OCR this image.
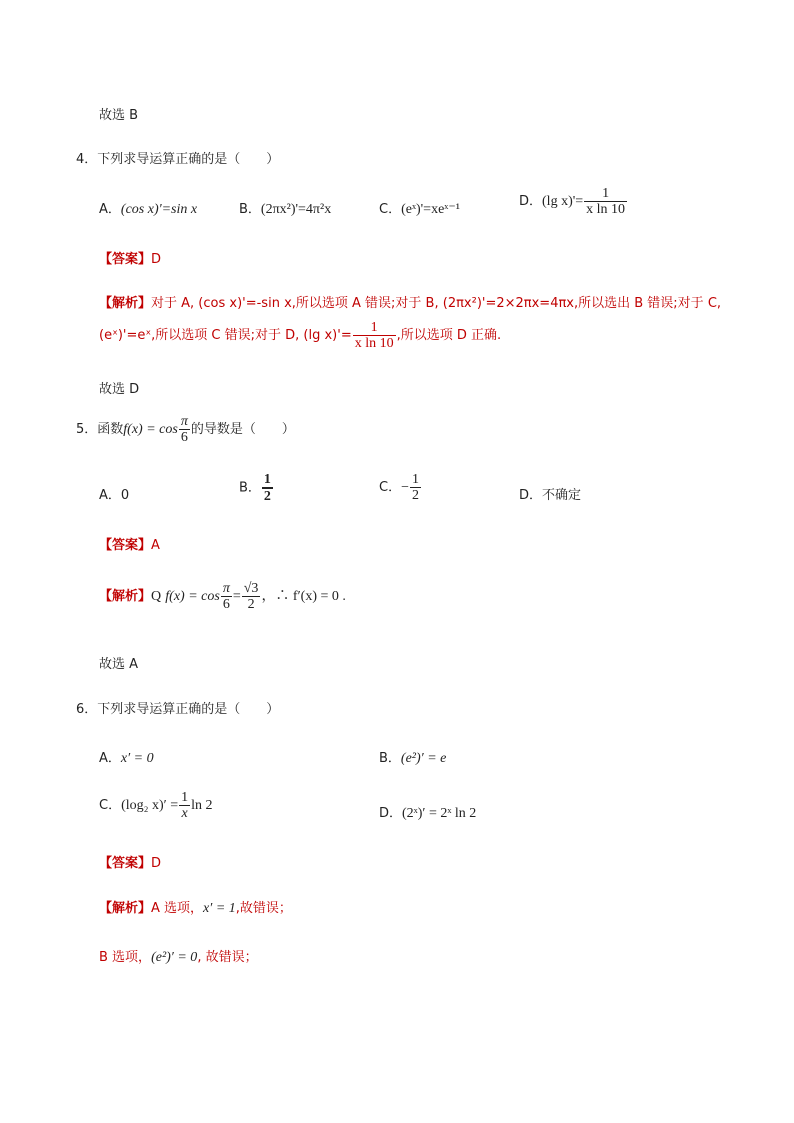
故选 B
4．下列求导运算正确的是（　　）
A．(cos x)'=sin x	B．(2πx²)'=4π²x	C．(eˣ)'=xeˣ⁻¹
D．(lg $x)'= \frac{1}{\text{x ln 10}}$
【答案】D
【解析】对于 A, (cos x)'=-sin x,所以选项 A 错误;对于 B, (2πx²)'=2×2πx=4πx,所以选出 B 错误;对于 C,
(eˣ)'=eˣ,所以选项 C 错误;对于 D, (lg $x)'= \frac{1}{\text{x ln 10}}$ ,所以选项 D 正确.
故选 D
5．函数$f(x) = \cos \frac{\pi}{6}$ 的导数是（　　）
A．0	B． $\frac{1}{2}$	C．− $\frac{1}{2}$	D．不确定
【答案】A
【解析】Q $f(x) = \cos \frac{\pi}{6} = \frac{√3}{2}$ ，∴ f′(x) = 0 .
故选 A
6．下列求导运算正确的是（　　）
A．x′ = 0	B．(e²)′ = e
C．(log₂ $x)' = \frac{1}{x}$ ln 2
D．(2ˣ)′ = 2ˣ ln 2
【答案】D
【解析】A 选项，x′ = 1,故错误；
B 选项，(e²)′ = 0, 故错误；
